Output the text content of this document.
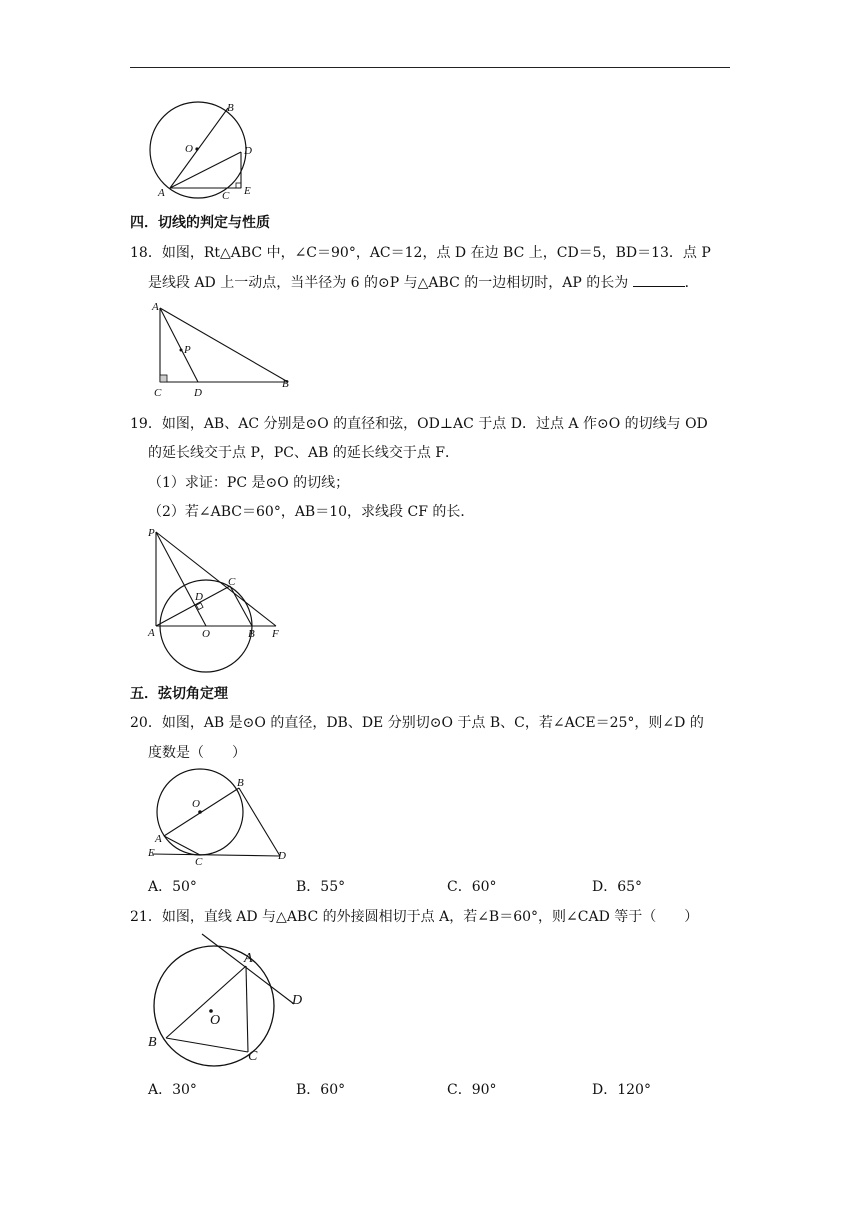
B
O	D
A	C E
四．切线的判定与性质
18．如图，Rt△ABC 中，∠C＝90°，AC＝12，点 D 在边 BC 上，CD＝5，BD＝13．点 P
是线段 AD 上一动点，当半径为 6 的⊙P 与△ABC 的一边相切时，AP 的长为	．
A
P
C	D
B
19．如图，AB、AC 分别是⊙O 的直径和弦，OD⊥AC 于点 D．过点 A 作⊙O 的切线与 OD
的延长线交于点 P，PC、AB 的延长线交于点 F．
（1）求证：PC 是⊙O 的切线；
（2）若∠ABC＝60°，AB＝10，求线段 CF 的长．
P
C
D
A	O	B F
五．弦切角定理
20．如图，AB 是⊙O 的直径，DB、DE 分别切⊙O 于点 B、C，若∠ACE＝25°，则∠D 的
度数是（　　）
B
O
A
E
C	D
A．50°	B．55°	C．60°	D．65°
21．如图，直线 AD 与△ABC 的外接圆相切于点 A，若∠B＝60°，则∠CAD 等于（　　）
A
D
O
B
C
A．30°	B．60°	C．90°	D．120°
